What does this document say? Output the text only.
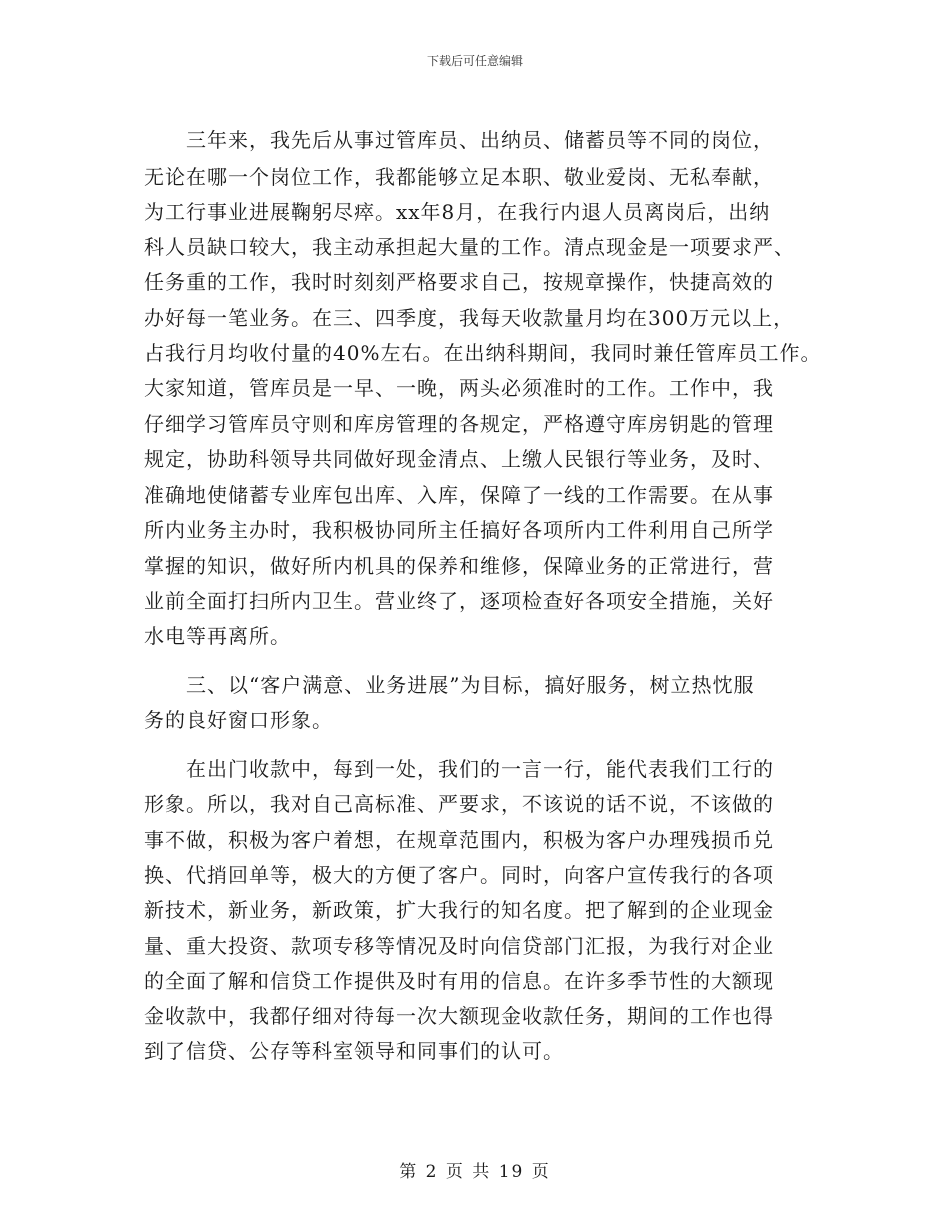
下载后可任意编辑
三年来，我先后从事过管库员、出纳员、储蓄员等不同的岗位，
无论在哪一个岗位工作，我都能够立足本职、敬业爱岗、无私奉献，
为工行事业进展鞠躬尽瘁。xx年8月，在我行内退人员离岗后，出纳
科人员缺口较大，我主动承担起大量的工作。清点现金是一项要求严、
任务重的工作，我时时刻刻严格要求自己，按规章操作，快捷高效的
办好每一笔业务。在三、四季度，我每天收款量月均在300万元以上，
占我行月均收付量的40%左右。在出纳科期间，我同时兼任管库员工作。
大家知道，管库员是一早、一晚，两头必须准时的工作。工作中，我
仔细学习管库员守则和库房管理的各规定，严格遵守库房钥匙的管理
规定，协助科领导共同做好现金清点、上缴人民银行等业务，及时、
准确地使储蓄专业库包出库、入库，保障了一线的工作需要。在从事
所内业务主办时，我积极协同所主任搞好各项所内工件利用自己所学
掌握的知识，做好所内机具的保养和维修，保障业务的正常进行，营
业前全面打扫所内卫生。营业终了，逐项检查好各项安全措施，关好
水电等再离所。
三、以“客户满意、业务进展”为目标，搞好服务，树立热忱服
务的良好窗口形象。
在出门收款中，每到一处，我们的一言一行，能代表我们工行的
形象。所以，我对自己高标准、严要求，不该说的话不说，不该做的
事不做，积极为客户着想，在规章范围内，积极为客户办理残损币兑
换、代捎回单等，极大的方便了客户。同时，向客户宣传我行的各项
新技术，新业务，新政策，扩大我行的知名度。把了解到的企业现金
量、重大投资、款项专移等情况及时向信贷部门汇报，为我行对企业
的全面了解和信贷工作提供及时有用的信息。在许多季节性的大额现
金收款中，我都仔细对待每一次大额现金收款任务，期间的工作也得
到了信贷、公存等科室领导和同事们的认可。
第 2 页 共 19 页
